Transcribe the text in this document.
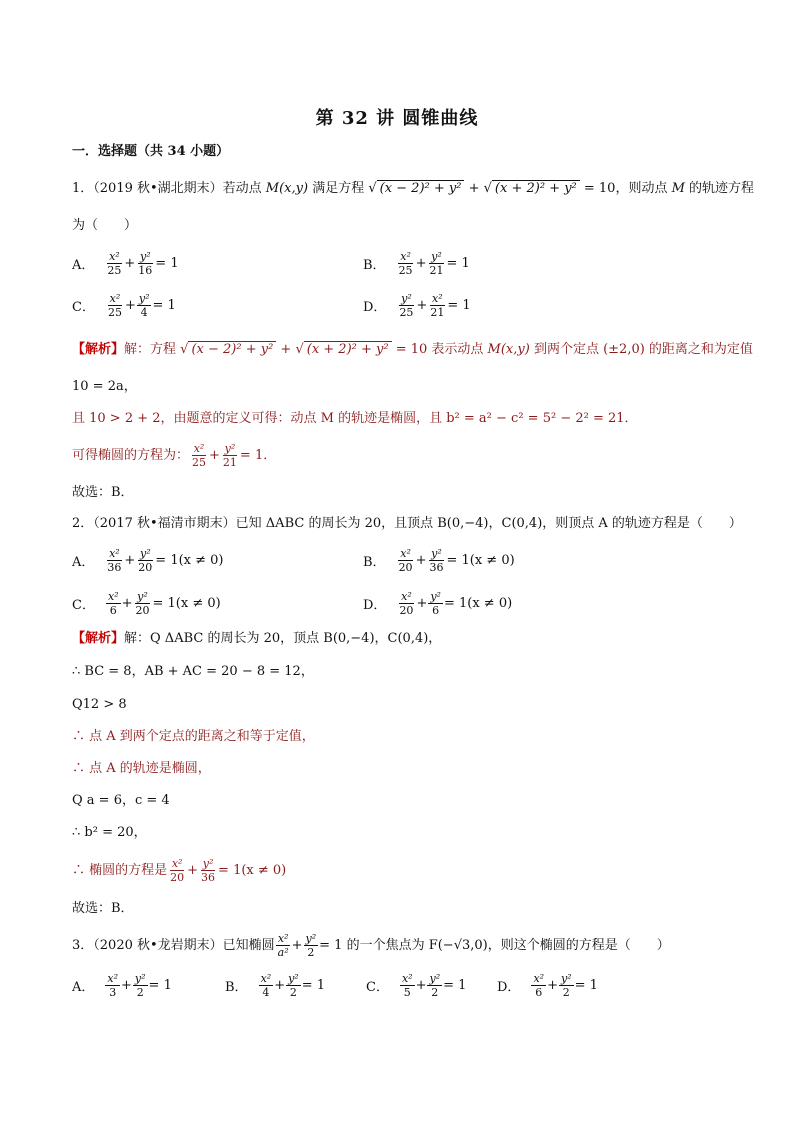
第 32 讲 圆锥曲线
一．选择题（共 34 小题）
1．（2019 秋•湖北期末）若动点 M(x,y) 满足方程 √ (x − 2)² + y² + √ (x + 2)² + y² = 10，则动点 M 的轨迹方程
为（　　）
A． $\frac{\text{x²}}{25} + \frac{\text{y²}}{16} = 1$	B． $\frac{\text{x²}}{25} + \frac{\text{y²}}{21} = 1$
C． $\frac{\text{x²}}{25} + \frac{\text{y²}}{4} = 1$	D． $\frac{\text{y²}}{25} + \frac{\text{x²}}{21} = 1$
【解析】解：方程 √ (x − 2)² + y² + √ (x + 2)² + y² = 10 表示动点 M(x,y) 到两个定点 (±2,0) 的距离之和为定值
10 = 2a，
且 10 > 2 + 2，由题意的定义可得：动点 M 的轨迹是椭圆，且 b² = a² − c² = 5² − 2² = 21．
可得椭圆的方程为： $\frac{\text{x²}}{25} + \frac{\text{y²}}{21} = 1$．
故选：B．
2．（2017 秋•福清市期末）已知 ΔABC 的周长为 20，且顶点 B(0,−4)，C(0,4)，则顶点 A 的轨迹方程是（　　）
A． $\frac{\text{x²}}{36} + \frac{\text{y²}}{20} = 1(x \ne 0)$	B． $\frac{\text{x²}}{20} + \frac{\text{y²}}{36} = 1(x \ne 0)$
C． $\frac{\text{x²}}{6} + \frac{\text{y²}}{20} = 1(x \ne 0)$	D． $\frac{\text{x²}}{20} + \frac{\text{y²}}{6} = 1(x \ne 0)$
【解析】解：Q ΔABC 的周长为 20，顶点 B(0,−4)，C(0,4)，
∴ BC = 8，AB + AC = 20 − 8 = 12，
Q12 > 8
∴ 点 A 到两个定点的距离之和等于定值，
∴ 点 A 的轨迹是椭圆，
Q a = 6，c = 4
∴ b² = 20，
∴ 椭圆的方程是 $\frac{\text{x²}}{20} + \frac{\text{y²}}{36} = 1(x \ne 0)$
故选：B．
3．（2020 秋•龙岩期末）已知椭圆 $\frac{\text{x²}}{\text{a²}} + \frac{\text{y²}}{2} = 1$ 的一个焦点为 F(−√3,0)，则这个椭圆的方程是（　　）
A． $\frac{\text{x²}}{3} + \frac{\text{y²}}{2} = 1$	B． $\frac{\text{x²}}{4} + \frac{\text{y²}}{2} = 1$	C． $\frac{\text{x²}}{5} + \frac{\text{y²}}{2} = 1$ D． $\frac{\text{x²}}{6} + \frac{\text{y²}}{2} = 1$
